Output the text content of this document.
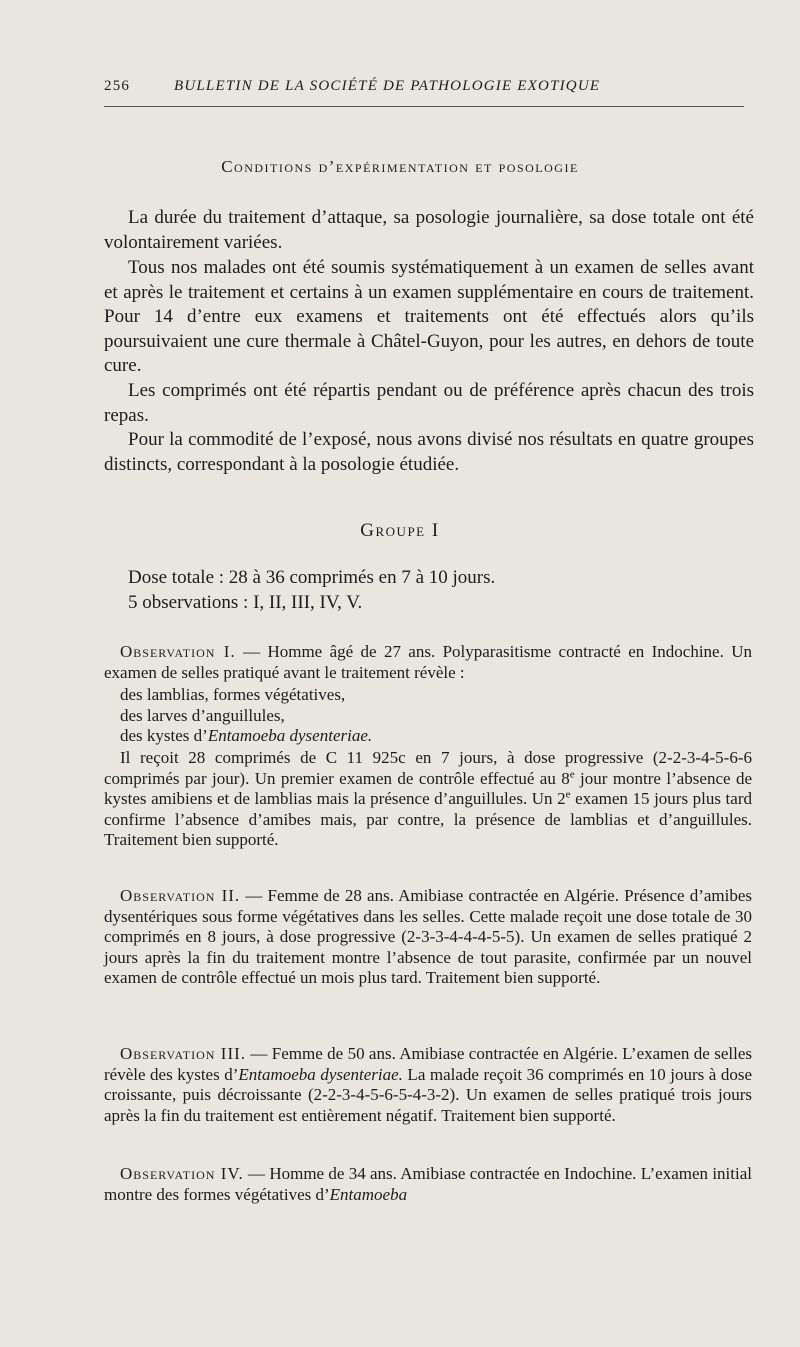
256	BULLETIN DE LA SOCIÉTÉ DE PATHOLOGIE EXOTIQUE
Conditions d’expérimentation et posologie

La durée du traitement d’attaque, sa posologie journalière, sa dose totale ont été volontairement variées.

Tous nos malades ont été soumis systématiquement à un examen de selles avant et après le traitement et certains à un examen supplémentaire en cours de traitement. Pour 14 d’entre eux examens et traitements ont été effectués alors qu’ils poursuivaient une cure thermale à Châtel-Guyon, pour les autres, en dehors de toute cure.

Les comprimés ont été répartis pendant ou de préférence après chacun des trois repas.

Pour la commodité de l’exposé, nous avons divisé nos résultats en quatre groupes distincts, correspondant à la posologie étudiée.

Groupe I

Dose totale : 28 à 36 comprimés en 7 à 10 jours.

5 observations : I, II, III, IV, V.

Observation I. — Homme âgé de 27 ans. Polyparasitisme contracté en Indochine. Un examen de selles pratiqué avant le traitement révèle :

des lamblias, formes végétatives,
des larves d’anguillules,
des kystes d’Entamoeba dysenteriae.

Il reçoit 28 comprimés de C 11 925c en 7 jours, à dose progressive (2-2-3-4-5-6-6 comprimés par jour). Un premier examen de contrôle effectué au 8e jour montre l’absence de kystes amibiens et de lamblias mais la présence d’anguillules. Un 2e examen 15 jours plus tard confirme l’absence d’amibes mais, par contre, la présence de lamblias et d’anguillules. Traitement bien supporté.

Observation II. — Femme de 28 ans. Amibiase contractée en Algérie. Présence d’amibes dysentériques sous forme végétatives dans les selles. Cette malade reçoit une dose totale de 30 comprimés en 8 jours, à dose progressive (2-3-3-4-4-4-5-5). Un examen de selles pratiqué 2 jours après la fin du traitement montre l’absence de tout parasite, confirmée par un nouvel examen de contrôle effectué un mois plus tard. Traitement bien supporté.

Observation III. — Femme de 50 ans. Amibiase contractée en Algérie. L’examen de selles révèle des kystes d’Entamoeba dysenteriae. La malade reçoit 36 comprimés en 10 jours à dose croissante, puis décroissante (2-2-3-4-5-6-5-4-3-2). Un examen de selles pratiqué trois jours après la fin du traitement est entièrement négatif. Traitement bien supporté.

Observation IV. — Homme de 34 ans. Amibiase contractée en Indochine. L’examen initial montre des formes végétatives d’Entamoeba
